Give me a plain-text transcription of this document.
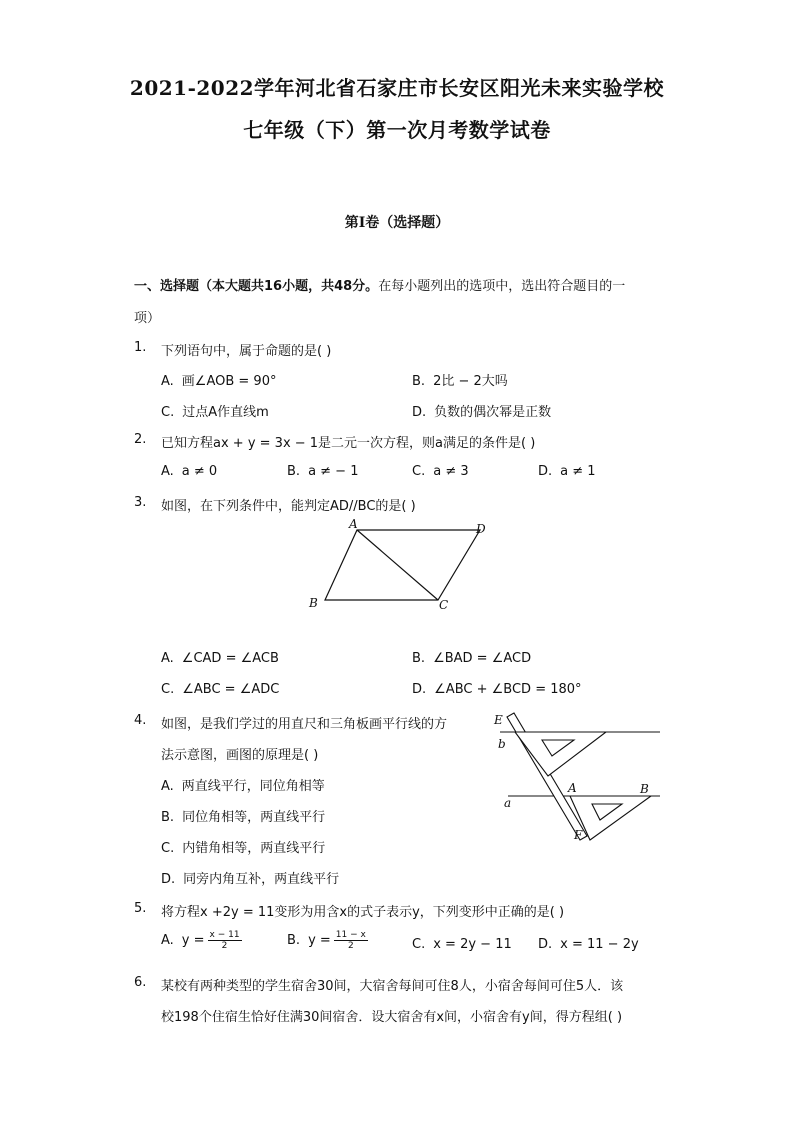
2021-2022学年河北省石家庄市长安区阳光未来实验学校
七年级（下）第一次月考数学试卷
第I卷（选择题）
一、选择题（本大题共16小题，共48分。在每小题列出的选项中，选出符合题目的一
项）
1. 下列语句中，属于命题的是( )
A. 画∠AOB = 90°	B. 2比 − 2大吗
C. 过点A作直线m	D. 负数的偶次幂是正数
2. 已知方程ax + y = 3x − 1是二元一次方程，则a满足的条件是( )
A. a ≠ 0	B. a ≠ − 1	C. a ≠ 3	D. a ≠ 1
3. 如图，在下列条件中，能判定AD//BC的是( )
A	D
B	C
A. ∠CAD = ∠ACB	B. ∠BAD = ∠ACD
C. ∠ABC = ∠ADC	D. ∠ABC + ∠BCD = 180°
4. 如图，是我们学过的用直尺和三角板画平行线的方
法示意图，画图的原理是( )
A. 两直线平行，同位角相等
B. 同位角相等，两直线平行
C. 内错角相等，两直线平行
D. 同旁内角互补，两直线平行
E
b
a
A	B
F
5. 将方程x +2y = 11变形为用含x的式子表示y，下列变形中正确的是( )
A. $y = \frac{x - 11}{2}$	B. $y = \frac{11 - x}{2}$	C. x = 2y − 11 D. x = 11 − 2y
6. 某校有两种类型的学生宿舍30间，大宿舍每间可住8人，小宿舍每间可住5人．该
校198个住宿生恰好住满30间宿舍．设大宿舍有x间，小宿舍有y间，得方程组( )
